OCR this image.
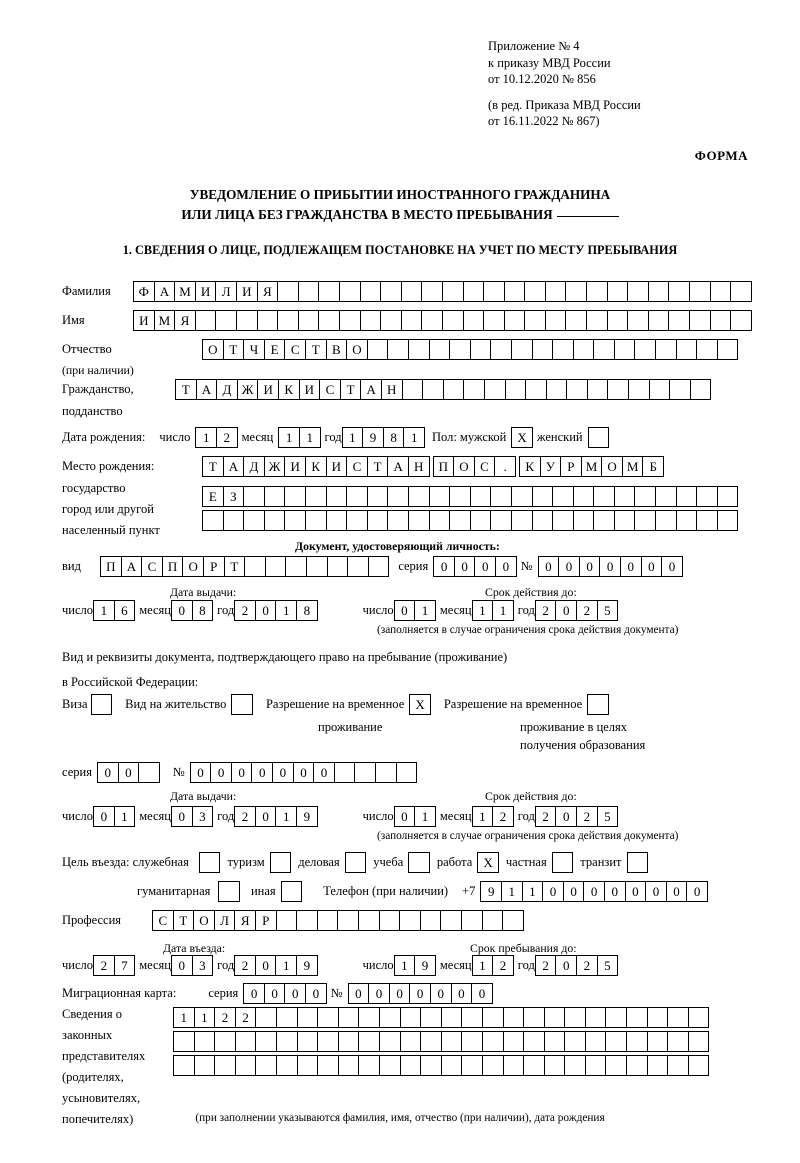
Приложение № 4
к приказу МВД России
от 10.12.2020 № 856
(в ред. Приказа МВД России
от 16.11.2022 № 867)
ФОРМА
УВЕДОМЛЕНИЕ О ПРИБЫТИИ ИНОСТРАННОГО ГРАЖДАНИНА
ИЛИ ЛИЦА БЕЗ ГРАЖДАНСТВА В МЕСТО ПРЕБЫВАНИЯ
1. СВЕДЕНИЯ О ЛИЦЕ, ПОДЛЕЖАЩЕМ ПОСТАНОВКЕ НА УЧЕТ ПО МЕСТУ ПРЕБЫВАНИЯ
Фамилия	Ф А М И Л И Я
Имя	И М Я
Отчество	О Т Ч Е С Т В О
(при наличии)
Гражданство,	Т А Д Ж И К И С Т А Н
подданство
Дата рождения: число 1	2 месяц 1	1 год 1	9	8	1	Пол: мужской X женский
Место рождения:	Т А Д Ж И К И С Т А Н	П О С	.	К У Р М О М Б
государство
Е	З
город или другой
населенный пункт
Документ, удостоверяющий личность:
вид	П А С П О Р	Т	серия 0	0	0	0 № 0	0	0	0	0	0	0
Дата выдачи:	Срок действия до:
число 1	6 месяц 0	8 год 2	0	1	8	число 0	1 месяц 1	1 год 2	0	2	5
(заполняется в случае ограничения срока действия документа)
Вид и реквизиты документа, подтверждающего право на пребывание (проживание)
в Российской Федерации:
Виза	Вид на жительство	Разрешение на временное X	Разрешение на временное
проживание	проживание в целях
получения образования
серия 0	0	№ 0	0	0	0	0	0	0
Дата выдачи:	Срок действия до:
число 0	1 месяц 0	3 год 2	0	1	9	число 0	1 месяц 1	2 год 2	0	2	5
(заполняется в случае ограничения срока действия документа)
Цель въезда: служебная	туризм	деловая	учеба	работа X	частная	транзит
гуманитарная	иная	Телефон (при наличии) +7 9	1	1	0	0	0	0	0	0	0	0
Профессия	С Т О Л Я Р
Дата въезда:	Срок пребывания до:
число 2	7 месяц 0	3 год 2	0	1	9	число 1	9 месяц 1	2 год 2	0	2	5
Миграционная карта:	серия 0	0	0	0 № 0	0	0	0	0	0	0
Сведения о
законных
представителях
(родителях,
усыновителях,
попечителях)
1	1	2	2
(при заполнении указываются фамилия, имя, отчество (при наличии), дата рождения
